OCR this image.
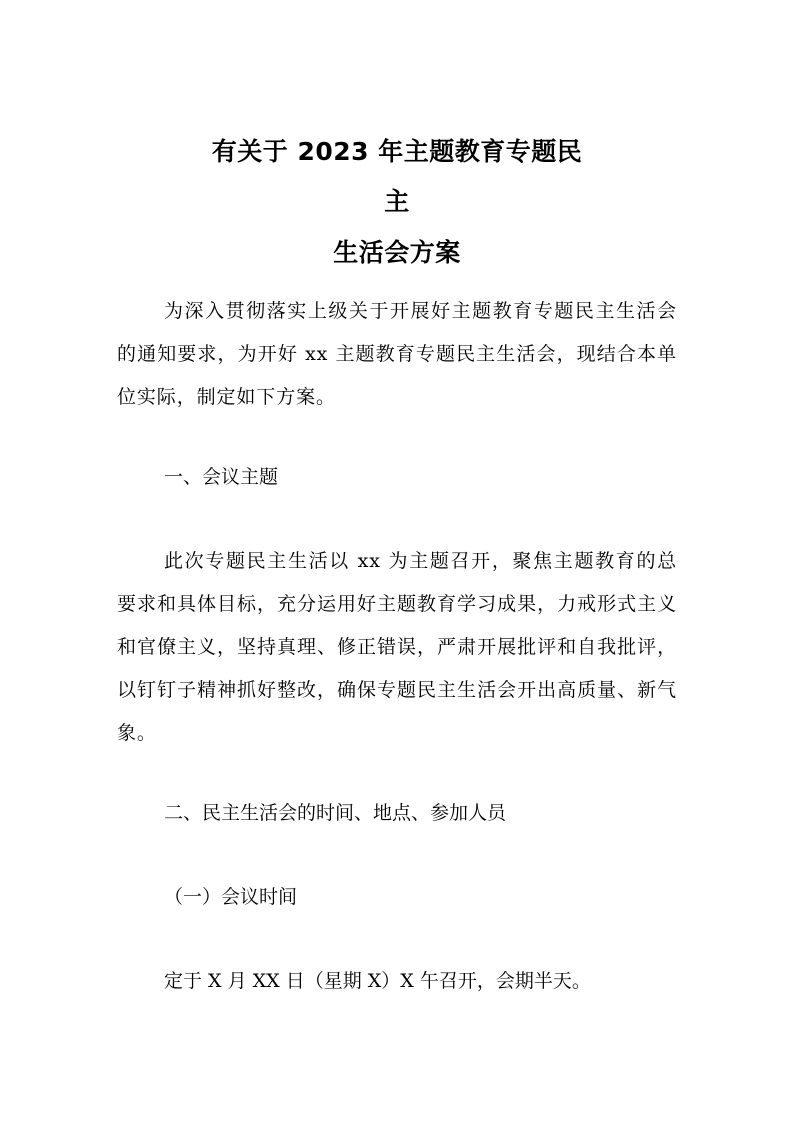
有关于 2023 年主题教育专题民
主
生活会方案

为深入贯彻落实上级关于开展好主题教育专题民主生活会的通知要求，为开好 xx 主题教育专题民主生活会，现结合本单位实际，制定如下方案。

一、会议主题

此次专题民主生活以 xx 为主题召开，聚焦主题教育的总要求和具体目标，充分运用好主题教育学习成果，力戒形式主义和官僚主义，坚持真理、修正错误，严肃开展批评和自我批评，以钉钉子精神抓好整改，确保专题民主生活会开出高质量、新气象。

二、民主生活会的时间、地点、参加人员

（一）会议时间

定于 X 月 XX 日（星期 X）X 午召开，会期半天。
